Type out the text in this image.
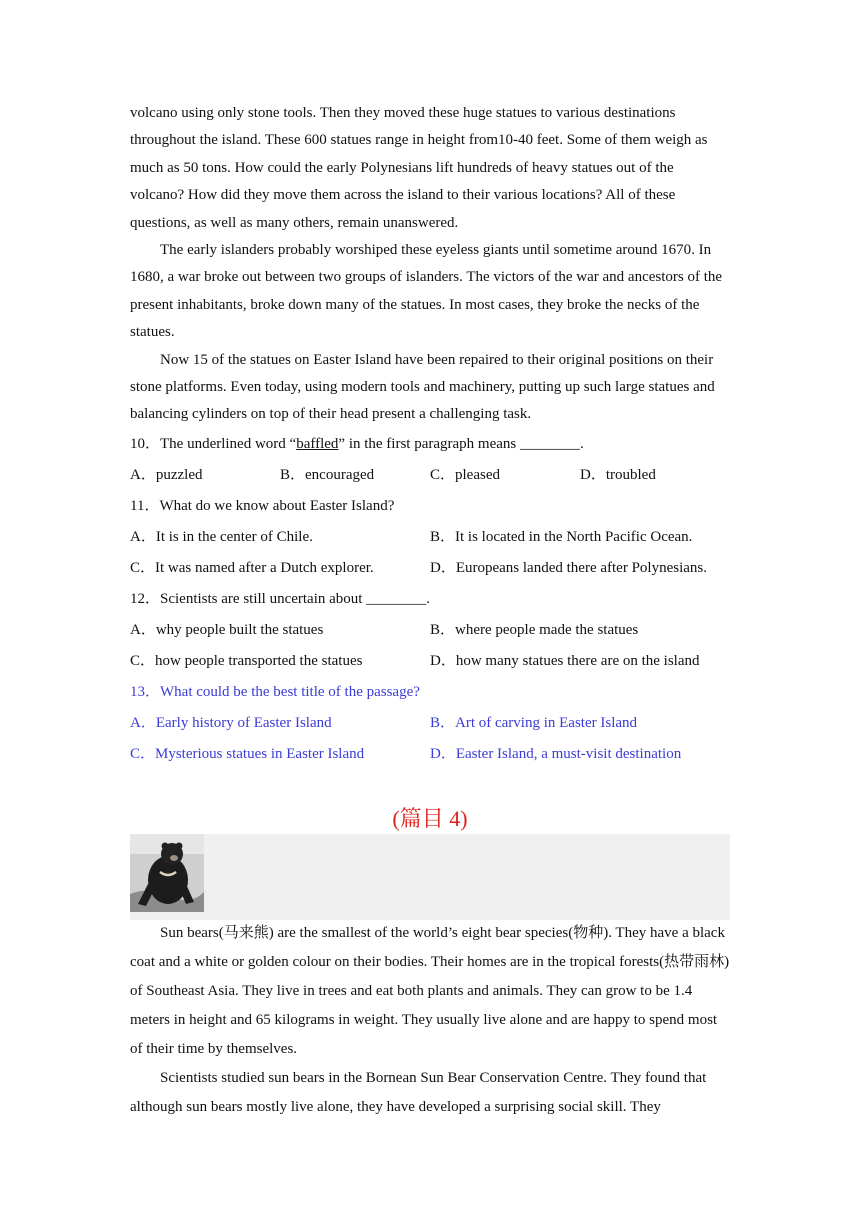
volcano using only stone tools. Then they moved these huge statues to various destinations throughout the island. These 600 statues range in height from10-40 feet. Some of them weigh as much as 50 tons. How could the early Polynesians lift hundreds of heavy statues out of the volcano? How did they move them across the island to their various locations? All of these questions, as well as many others, remain unanswered.

The early islanders probably worshiped these eyeless giants until sometime around 1670. In 1680, a war broke out between two groups of islanders. The victors of the war and ancestors of the present inhabitants, broke down many of the statues. In most cases, they broke the necks of the statues.

Now 15 of the statues on Easter Island have been repaired to their original positions on their stone platforms. Even today, using modern tools and machinery, putting up such large statues and balancing cylinders on top of their head present a challenging task.

10．The underlined word “baffled” in the first paragraph means ________.
A．puzzled	B．encouraged	C．pleased	D．troubled
11．What do we know about Easter Island?
A．It is in the center of Chile.	B．It is located in the North Pacific Ocean.
C．It was named after a Dutch explorer.	D．Europeans landed there after Polynesians.
12．Scientists are still uncertain about ________.
A．why people built the statues	B．where people made the statues
C．how people transported the statues	D．how many statues there are on the island
13．What could be the best title of the passage?
A．Early history of Easter Island	B．Art of carving in Easter Island
C．Mysterious statues in Easter Island	D．Easter Island, a must-visit destination
(篇目 4)

Sun bears(马来熊) are the smallest of the world’s eight bear species(物种). They have a black coat and a white or golden colour on their bodies. Their homes are in the tropical forests(热带雨林) of Southeast Asia. They live in trees and eat both plants and animals. They can grow to be 1.4 meters in height and 65 kilograms in weight. They usually live alone and are happy to spend most of their time by themselves.

Scientists studied sun bears in the Bornean Sun Bear Conservation Centre. They found that although sun bears mostly live alone, they have developed a surprising social skill. They
